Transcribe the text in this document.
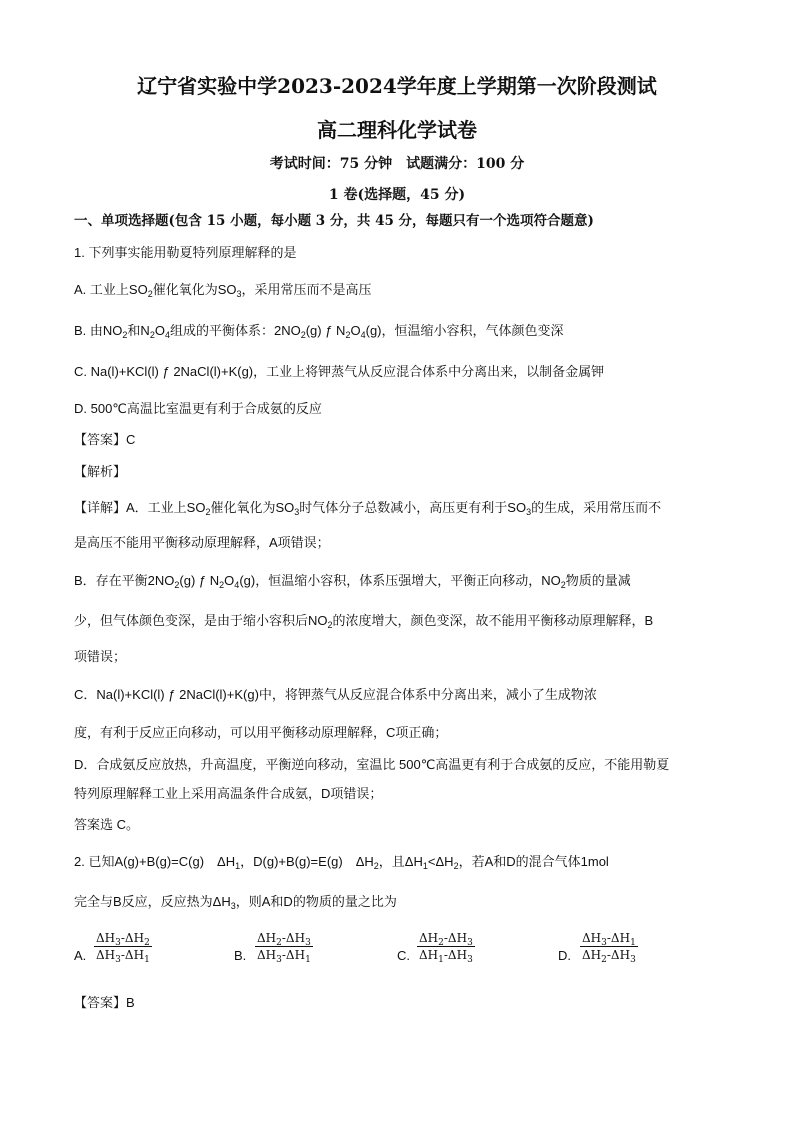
辽宁省实验中学2023-2024学年度上学期第一次阶段测试
高二理科化学试卷
考试时间：75 分钟　试题满分：100 分
1 卷(选择题，45 分)
一、单项选择题(包含 15 小题，每小题 3 分，共 45 分，每题只有一个选项符合题意)
1. 下列事实能用勒夏特列原理解释的是
A. 工业上$SO_2$催化氧化为$SO_3$，采用常压而不是高压
B. 由$NO_2$和$N_2O_4$组成的平衡体系：$2NO_2(g)$ ƒ $N_2O_4(g)$，恒温缩小容积，气体颜色变深
C. Na(l)+KCl(l) ƒ 2NaCl(l)+K(g)，工业上将钾蒸气从反应混合体系中分离出来，以制备金属钾
D. 500℃高温比室温更有利于合成氨的反应
【答案】C
【解析】
【详解】A．工业上$SO_2$催化氧化为$SO_3$时气体分子总数减小，高压更有利于$SO_3$的生成，采用常压而不
是高压不能用平衡移动原理解释，A项错误；
B．存在平衡$2NO_2(g)$ ƒ $N_2O_4(g)$，恒温缩小容积，体系压强增大，平衡正向移动，$NO_2$物质的量减
少，但气体颜色变深，是由于缩小容积后$NO_2$的浓度增大，颜色变深，故不能用平衡移动原理解释，B
项错误；
C．Na(l)+KCl(l) ƒ 2NaCl(l)+K(g)中，将钾蒸气从反应混合体系中分离出来，减小了生成物浓
度，有利于反应正向移动，可以用平衡移动原理解释，C项正确；
D．合成氨反应放热，升高温度，平衡逆向移动，室温比 500℃高温更有利于合成氨的反应，不能用勒夏
特列原理解释工业上采用高温条件合成氨，D项错误；
答案选 C。
2. 已知A(g)+B(g)=C(g)　$\Delta H_1$，D(g)+B(g)=E(g)　$\Delta H_2$，且$\Delta H_1<\Delta H_2$，若A和D的混合气体1mol
完全与B反应，反应热为$\Delta H_3$，则A和D的物质的量之比为
A. $\frac{\Delta H_3-\Delta H_2}{\Delta H_3-\Delta H_1}$	B. $\frac{\Delta H_2-\Delta H_3}{\Delta H_3-\Delta H_1}$	C. $\frac{\Delta H_2-\Delta H_3}{\Delta H_1-\Delta H_3}$	D. $\frac{\Delta H_3-\Delta H_1}{\Delta H_2-\Delta H_3}$
【答案】B
